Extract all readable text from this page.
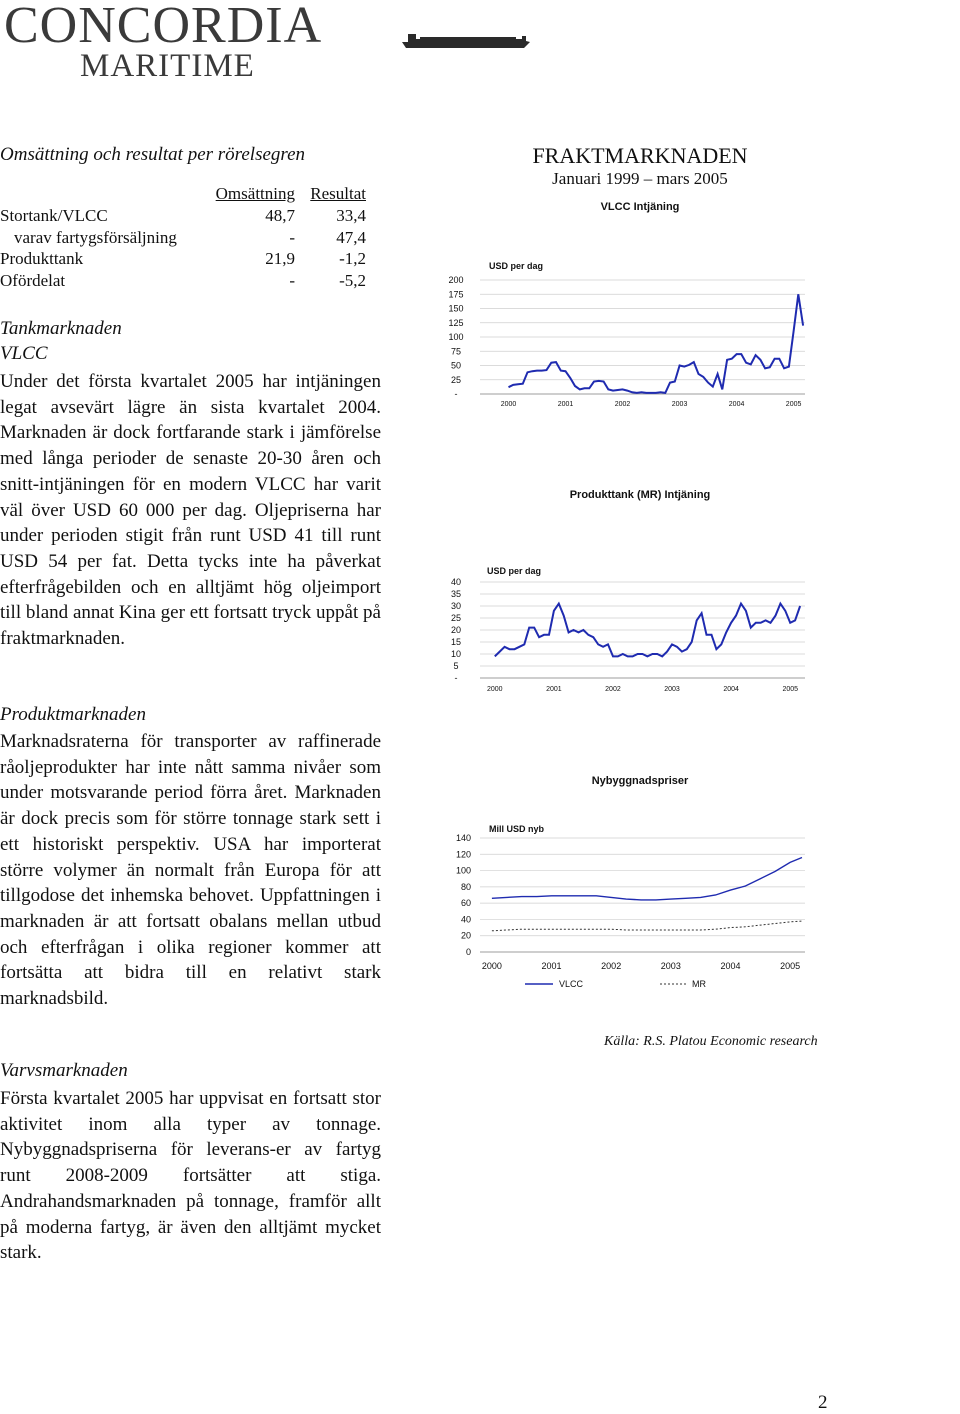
CONCORDIA
MARITIME
Omsättning och resultat per rörelsegren
Omsättning Resultat
Stortank/VLCC	48,7 33,4
varav fartygsförsäljning	- 47,4
Produkttank	21,9	-1,2
Ofördelat	-	-5,2
Tankmarknaden
VLCC
Under det första kvartalet 2005 har intjäningen legat avsevärt lägre än sista kvartalet 2004. Marknaden är dock fortfarande stark i jämförelse med långa perioder de senaste 20-30 åren och snitt-intjäningen för en modern VLCC har varit väl över USD 60 000 per dag. Oljepriserna har under perioden stigit från runt USD 41 till runt USD 54 per fat. Detta tycks inte ha påverkat efterfrågebilden och en alltjämt hög oljeimport till bland annat Kina ger ett fortsatt tryck uppåt på fraktmarknaden.
Produktmarknaden
Marknadsraterna för transporter av raffinerade råoljeprodukter har inte nått samma nivåer som under motsvarande period förra året. Marknaden är dock precis som för större tonnage stark sett i ett historiskt perspektiv. USA har importerat större volymer än normalt från Europa för att tillgodose det inhemska behovet. Uppfattningen i marknaden är att fortsatt obalans mellan utbud och efterfrågan i olika regioner kommer att fortsätta att bidra till en relativt stark marknadsbild.
Varvsmarknaden
Första kvartalet 2005 har uppvisat en fortsatt stor aktivitet inom alla typer av tonnage. Nybyggnadspriserna för leverans-er av fartyg runt 2008-2009 fortsätter att stiga. Andrahandsmarknaden på tonnage, framför allt på moderna fartyg, är även den alltjämt mycket stark.
FRAKTMARKNADEN
Januari 1999 – mars 2005
VLCC Intjäning
USD per dag
-
25
50
75
100
125
150
175
200
2000	2001	2002	2003	2004	2005
Produkttank (MR) Intjäning
USD per dag
-
5
10
15
20
25
30
35
40
2000	2001	2002	2003	2004	2005
Nybyggnadspriser
Mill USD nyb
0
20
40
60
80
100
120
140
2000	2001	2002	2003	2004	2005
VLCC	MR
Källa: R.S. Platou Economic research
2
